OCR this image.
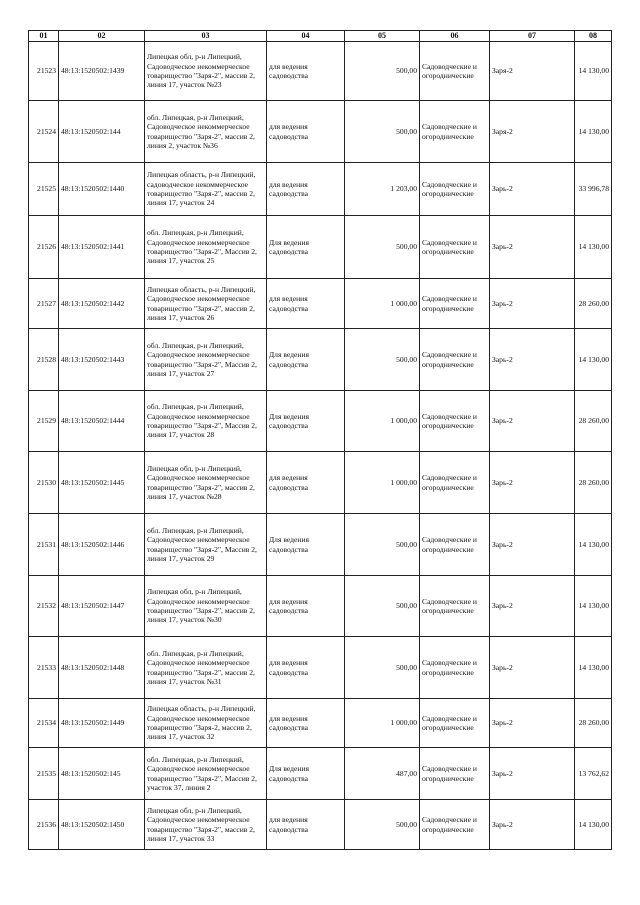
01	02	03	04	05	06	07	08
21523	48:13:1520502:1439	Липецкая обл, р-н Липецкий, Садоводческое некоммерческое товарищество "Заря-2", массив 2, линия 17, участок №23	для ведения садоводства	500,00	Садоводческие и огороднические	Заря-2	14 130,00
21524	48:13:1520502:144	обл. Липецкая, р-н Липецкий, Садоводческое некоммерческое товарищество "Заря-2", массив 2, линия 2, участок №36	для ведения садоводства	500,00	Садоводческие и огороднические	Заря-2	14 130,00
21525	48:13:1520502:1440	Липецкая область, р-н Липецкий, садоводческое некоммерческое товарищество "Заря-2", массив 2, линия 17, участок 24	для ведения садоводства	1 203,00	Садоводческие и огороднические	Зарь-2	33 996,78
21526	48:13:1520502:1441	обл. Липецкая, р-н Липецкий, Садоводческое некоммерческое товарищество "Заря-2", Массив 2, линия 17, участок 25	Для ведения садоводства	500,00	Садоводческие и огороднические	Зарь-2	14 130,00
21527	48:13:1520502:1442	Липецкая область, р-н Липецкий, Садоводческое некоммерческое товарищество "Заря-2", массив 2, линия 17, участок 26	для ведения садоводства	1 000,00	Садоводческие и огороднические	Зарь-2	28 260,00
21528	48:13:1520502:1443	обл. Липецкая, р-н Липецкий, Садоводческое некоммерческое товарищество "Заря-2", Массив 2, линия 17, участок 27	Для ведения садоводства	500,00	Садоводческие и огороднические	Зарь-2	14 130,00
21529	48:13:1520502:1444	обл. Липецкая, р-н Липецкий, Садоводческое некоммерческое товарищество "Заря-2", Массив 2, линия 17, участок 28	Для ведения садоводства	1 000,00	Садоводческие и огороднические	Зарь-2	28 260,00
21530	48:13:1520502:1445	Липецкая обл, р-н Липецкий, Садоводческое некоммерческое товарищество "Заря-2", массив 2, линия 17, участок №28	для ведения садоводства	1 000,00	Садоводческие и огороднические	Зарь-2	28 260,00
21531	48:13:1520502:1446	обл. Липецкая, р-н Липецкий, Садоводческое некоммерческое товарищество "Заря-2", Массив 2, линия 17, участок 29	Для ведения садоводства	500,00	Садоводческие и огороднические	Зарь-2	14 130,00
21532	48:13:1520502:1447	Липецкая обл, р-н Липецкий, Садоводческое некоммерческое товарищество "Заря-2", массив 2, линия 17, участок №30	для ведения садоводства	500,00	Садоводческие и огороднические	Зарь-2	14 130,00
21533	48:13:1520502:1448	обл. Липецкая, р-н Липецкий, Садоводческое некоммерческое товарищество "Заря-2", массив 2, линия 17, участок №31	для ведения садоводства	500,00	Садоводческие и огороднические	Зарь-2	14 130,00
21534	48:13:1520502:1449	Липецкая область, р-н Липецкий, Садоводческое некоммерческое товарищество "Заря-2, массив 2, линия 17, участок 32	для ведения садоводства	1 000,00	Садоводческие и огороднические	Зарь-2	28 260,00
21535	48:13:1520502:145	обл. Липецкая, р-н Липецкий, Садоводческое некоммерческое товарищество "Заря-2", Массив 2, участок 37, линия 2	Для ведения садоводства	487,00	Садоводческие и огороднические	Зарь-2	13 762,62
21536	48:13:1520502:1450	Липецкая обл, р-н Липецкий, Садоводческое некоммерческое товарищество "Заря-2", массив 2, линия 17, участок 33	для ведения садоводства	500,00	Садоводческие и огороднические	Зарь-2	14 130,00
